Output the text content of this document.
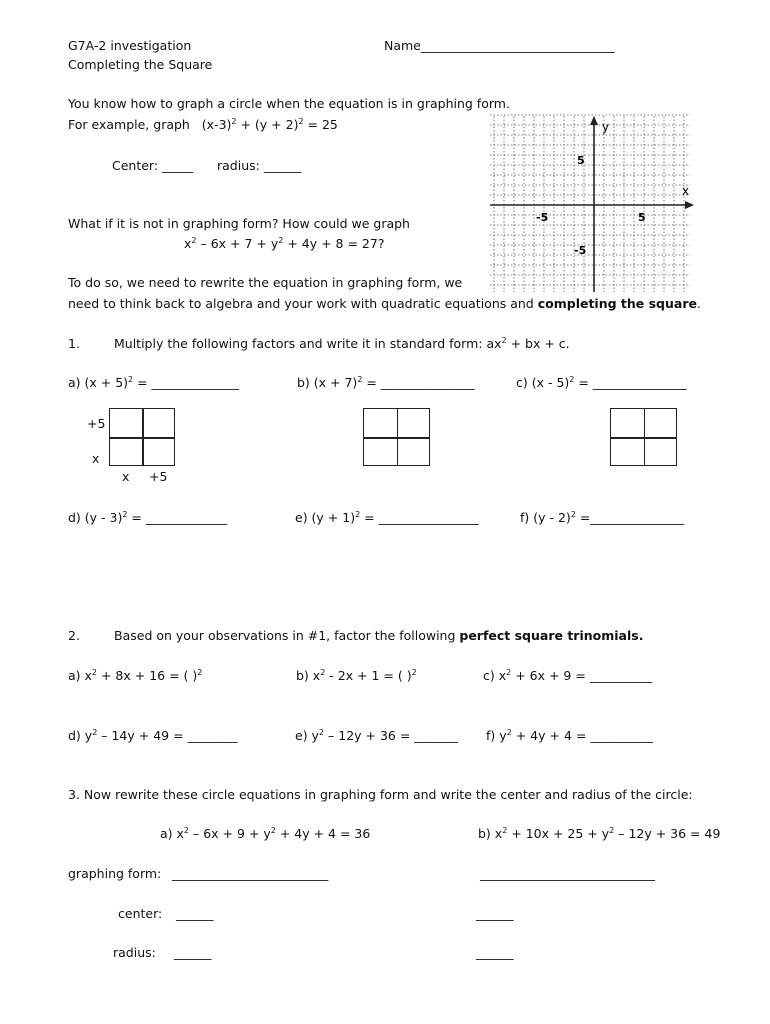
G7A-2 investigation	Name_______________________________
Completing the Square
You know how to graph a circle when the equation is in graphing form.
For example, graph $(x-3)^2 + (y + 2)^2 = 25$
Center: _____ radius: ______
What if it is not in graphing form? How could we graph
$x^2 - 6x + 7 + y^2 + 4y + 8 = 27$?
To do so, we need to rewrite the equation in graphing form, we
need to think back to algebra and your work with quadratic equations and completing the square.
y
x
5
-5
-5	5
1.	Multiply the following factors and write it in standard form: $ax^2$ + bx + c.
a) $(x + 5)^2$ = ______________	b) $(x + 7)^2$ = _______________	c) (x - 5)$^2$ = _______________
+5
x
x +5
d) (y - 3)$^2$ = _____________	e) $(y + 1)^2$ = ________________	f) (y - 2)$^2$ =_______________
2.	Based on your observations in #1, factor the following perfect square trinomials.
a) $x^2 + 8x + 16$ = ( )$^2$	b) $x^2 - 2x + 1$ = ( )$^2$	c) $x^2 + 6x + 9$ = __________
d) $y^2 - 14y + 49$ = ________	e) $y^2 - 12y + 36$ = _______ f) $y^2 + 4y + 4$ = __________
3. Now rewrite these circle equations in graphing form and write the center and radius of the circle:
a) $x^2 - 6x + 9 + y^2 + 4y + 4 = 36$	b) $x^2 + 10x + 25 + y^2 - 12y + 36 = 49$
graphing form: _________________________	____________________________
center: ______	______
radius: ______	______
